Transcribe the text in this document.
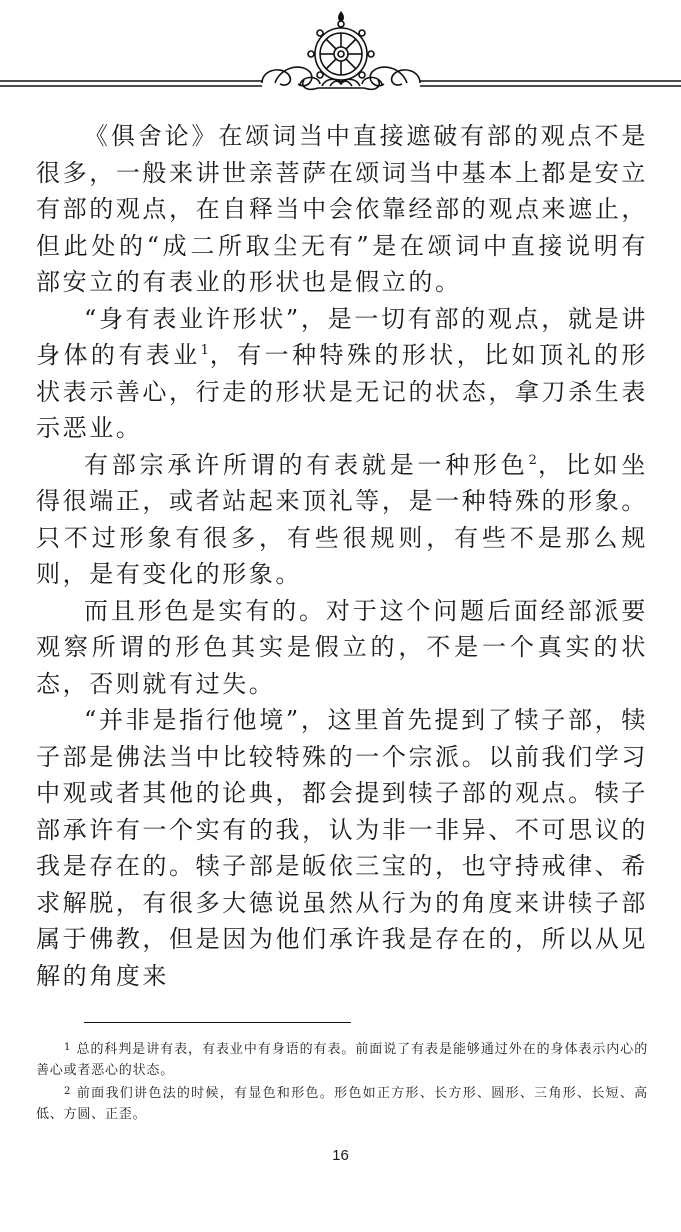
《俱舍论》在颂词当中直接遮破有部的观点不是很多，一般来讲世亲菩萨在颂词当中基本上都是安立有部的观点，在自释当中会依靠经部的观点来遮止，但此处的“成二所取尘无有”是在颂词中直接说明有部安立的有表业的形状也是假立的。

“身有表业许形状”，是一切有部的观点，就是讲身体的有表业$^1$，有一种特殊的形状，比如顶礼的形状表示善心，行走的形状是无记的状态，拿刀杀生表示恶业。

有部宗承许所谓的有表就是一种形色$^2$，比如坐得很端正，或者站起来顶礼等，是一种特殊的形象。只不过形象有很多，有些很规则，有些不是那么规则，是有变化的形象。

而且形色是实有的。对于这个问题后面经部派要观察所谓的形色其实是假立的，不是一个真实的状态，否则就有过失。

“并非是指行他境”，这里首先提到了犊子部，犊子部是佛法当中比较特殊的一个宗派。以前我们学习中观或者其他的论典，都会提到犊子部的观点。犊子部承许有一个实有的我，认为非一非异、不可思议的我是存在的。犊子部是皈依三宝的，也守持戒律、希求解脱，有很多大德说虽然从行为的角度来讲犊子部属于佛教，但是因为他们承许我是存在的，所以从见解的角度来

$^1$ 总的科判是讲有表，有表业中有身语的有表。前面说了有表是能够通过外在的身体表示内心的善心或者恶心的状态。

$^2$ 前面我们讲色法的时候，有显色和形色。形色如正方形、长方形、圆形、三角形、长短、高低、方圆、正歪。

16
